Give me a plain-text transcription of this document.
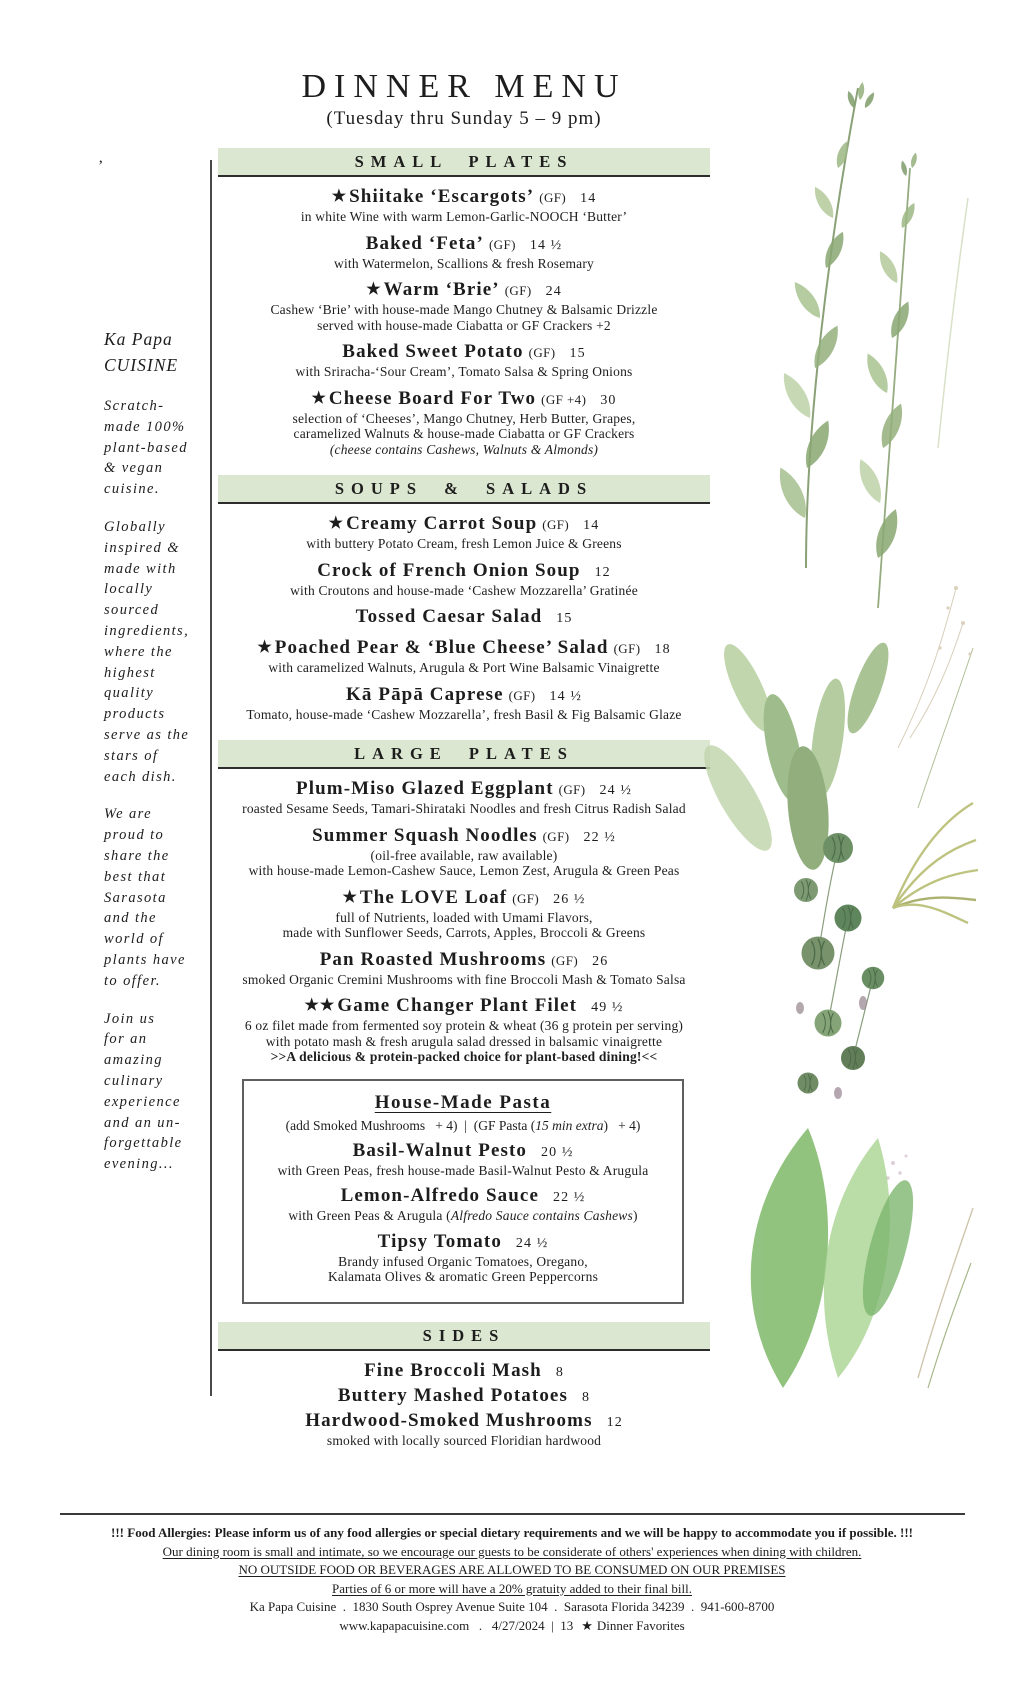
’
Ka Papa
CUISINE
Scratch-
made 100%
plant-based
& vegan
cuisine.
Globally
inspired &
made with
locally
sourced
ingredients,
where the
highest
quality
products
serve as the
stars of
each dish.
We are
proud to
share the
best that
Sarasota
and the
world of
plants have
to offer.
Join us
for an
amazing
culinary
experience
and an un-
forgettable
evening...
DINNER MENU
(Tuesday thru Sunday 5 – 9 pm)
SMALL PLATES
★ Shiitake ‘Escargots’ (GF) 14
in white Wine with warm Lemon-Garlic-NOOCH ‘Butter’
Baked ‘Feta’ (GF) 14 ½
with Watermelon, Scallions & fresh Rosemary
★ Warm ‘Brie’ (GF) 24
Cashew ‘Brie’ with house-made Mango Chutney & Balsamic Drizzle
served with house-made Ciabatta or GF Crackers +2
Baked Sweet Potato (GF) 15
with Sriracha-‘Sour Cream’, Tomato Salsa & Spring Onions
★ Cheese Board For Two (GF +4) 30
selection of ‘Cheeses’, Mango Chutney, Herb Butter, Grapes,
caramelized Walnuts & house-made Ciabatta or GF Crackers
(cheese contains Cashews, Walnuts & Almonds)
SOUPS & SALADS
★ Creamy Carrot Soup (GF) 14
with buttery Potato Cream, fresh Lemon Juice & Greens
Crock of French Onion Soup 12
with Croutons and house-made ‘Cashew Mozzarella’ Gratinée
Tossed Caesar Salad 15
★ Poached Pear & ‘Blue Cheese’ Salad (GF) 18
with caramelized Walnuts, Arugula & Port Wine Balsamic Vinaigrette
Kā Pāpā Caprese (GF) 14 ½
Tomato, house-made ‘Cashew Mozzarella’, fresh Basil & Fig Balsamic Glaze
LARGE PLATES
Plum-Miso Glazed Eggplant (GF) 24 ½
roasted Sesame Seeds, Tamari-Shirataki Noodles and fresh Citrus Radish Salad
Summer Squash Noodles (GF) 22 ½
(oil-free available, raw available)
with house-made Lemon-Cashew Sauce, Lemon Zest, Arugula & Green Peas
★ The LOVE Loaf (GF) 26 ½
full of Nutrients, loaded with Umami Flavors,
made with Sunflower Seeds, Carrots, Apples, Broccoli & Greens
Pan Roasted Mushrooms (GF) 26
smoked Organic Cremini Mushrooms with fine Broccoli Mash & Tomato Salsa
★★ Game Changer Plant Filet 49 ½
6 oz filet made from fermented soy protein & wheat (36 g protein per serving)
with potato mash & fresh arugula salad dressed in balsamic vinaigrette
>>A delicious & protein-packed choice for plant-based dining!<<
House-Made Pasta
(add Smoked Mushrooms   + 4)  |  (GF Pasta (15 min extra)   + 4)
Basil-Walnut Pesto 20 ½
with Green Peas, fresh house-made Basil-Walnut Pesto & Arugula
Lemon-Alfredo Sauce 22 ½
with Green Peas & Arugula (Alfredo Sauce contains Cashews)
Tipsy Tomato 24 ½
Brandy infused Organic Tomatoes, Oregano,
Kalamata Olives & aromatic Green Peppercorns
SIDES
Fine Broccoli Mash 8
Buttery Mashed Potatoes 8
Hardwood-Smoked Mushrooms 12
smoked with locally sourced Floridian hardwood
!!! Food Allergies: Please inform us of any food allergies or special dietary requirements and we will be happy to accommodate you if possible. !!!
Our dining room is small and intimate, so we encourage our guests to be considerate of others' experiences when dining with children.
NO OUTSIDE FOOD OR BEVERAGES ARE ALLOWED TO BE CONSUMED ON OUR PREMISES
Parties of 6 or more will have a 20% gratuity added to their final bill.
Ka Papa Cuisine  .  1830 South Osprey Avenue Suite 104  .  Sarasota Florida 34239  .  941-600-8700
www.kapapacuisine.com   .   4/27/2024  |  13 ★ Dinner Favorites
